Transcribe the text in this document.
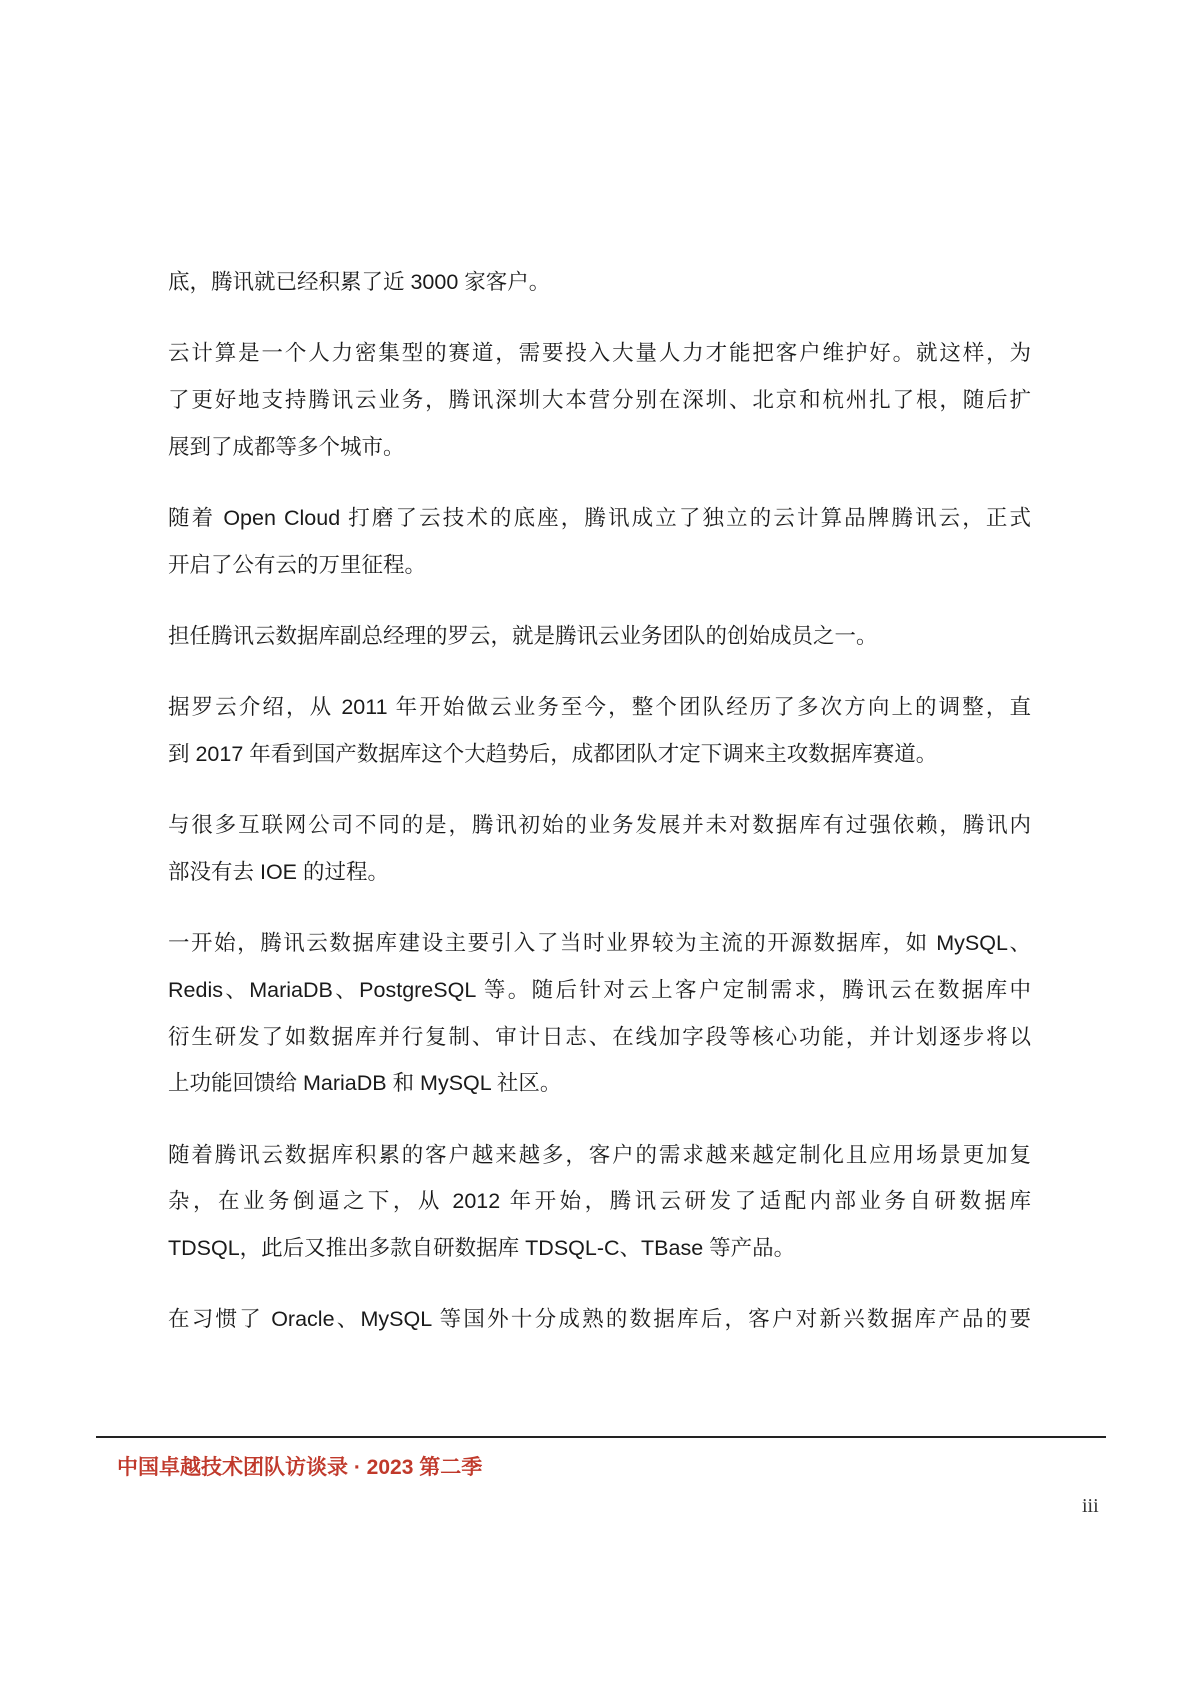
底，腾讯就已经积累了近 3000 家客户。
云计算是一个人力密集型的赛道，需要投入大量人力才能把客户维护好。就这样，为
了更好地支持腾讯云业务，腾讯深圳大本营分别在深圳、北京和杭州扎了根，随后扩
展到了成都等多个城市。
随着 Open Cloud 打磨了云技术的底座，腾讯成立了独立的云计算品牌腾讯云，正式
开启了公有云的万里征程。
担任腾讯云数据库副总经理的罗云，就是腾讯云业务团队的创始成员之一。
据罗云介绍，从 2011 年开始做云业务至今，整个团队经历了多次方向上的调整，直
到 2017 年看到国产数据库这个大趋势后，成都团队才定下调来主攻数据库赛道。
与很多互联网公司不同的是，腾讯初始的业务发展并未对数据库有过强依赖，腾讯内
部没有去 IOE 的过程。
一开始，腾讯云数据库建设主要引入了当时业界较为主流的开源数据库，如 MySQL、
Redis、MariaDB、PostgreSQL 等。随后针对云上客户定制需求，腾讯云在数据库中
衍生研发了如数据库并行复制、审计日志、在线加字段等核心功能，并计划逐步将以
上功能回馈给 MariaDB 和 MySQL 社区。
随着腾讯云数据库积累的客户越来越多，客户的需求越来越定制化且应用场景更加复
杂，在业务倒逼之下，从 2012 年开始，腾讯云研发了适配内部业务自研数据库
TDSQL，此后又推出多款自研数据库 TDSQL-C、TBase 等产品。
在习惯了 Oracle、MySQL 等国外十分成熟的数据库后，客户对新兴数据库产品的要
中国卓越技术团队访谈录 · 2023 第二季
iii
